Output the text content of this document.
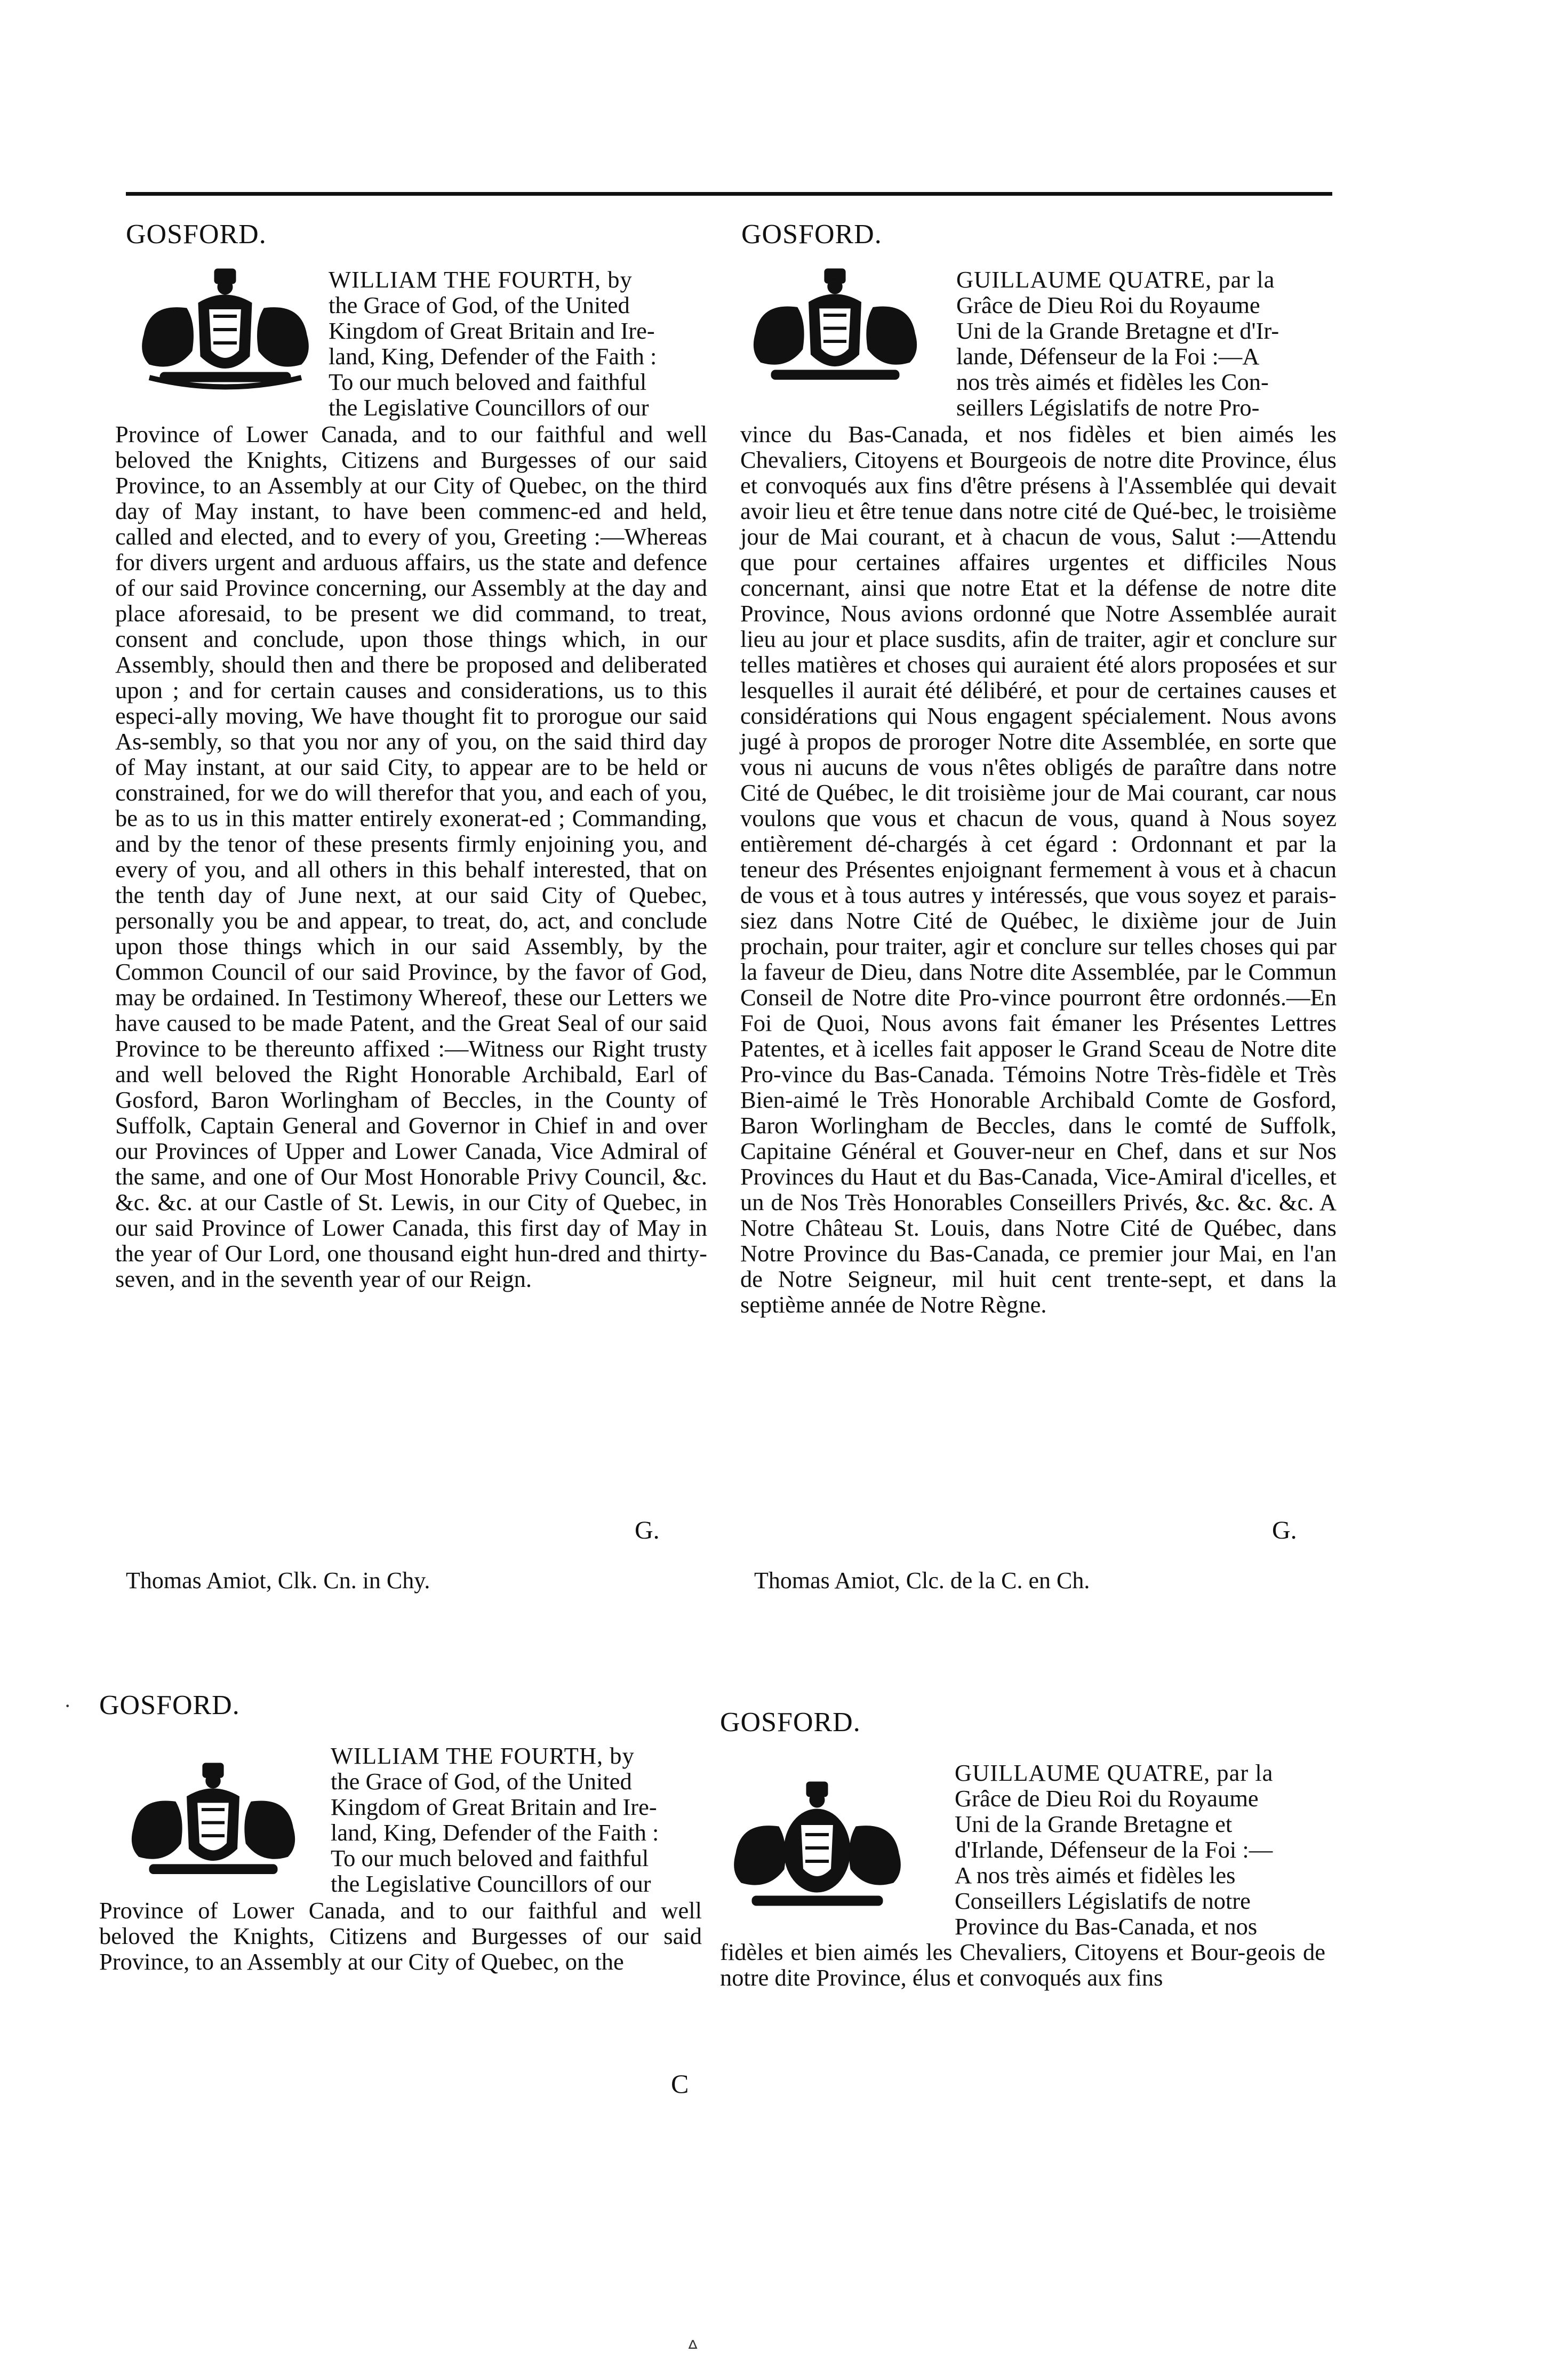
GOSFORD.
WILLIAM THE FOURTH, by
the Grace of God, of the United
Kingdom of Great Britain and Ire-
land, King, Defender of the Faith :
To our much beloved and faithful
the Legislative Councillors of our

Province of Lower Canada, and to our faithful and well beloved the Knights, Citizens and Burgesses of our said Province, to an Assembly at our City of Quebec, on the third day of May instant, to have been commenc-ed and held, called and elected, and to every of you, Greeting :—Whereas for divers urgent and arduous affairs, us the state and defence of our said Province concerning, our Assembly at the day and place aforesaid, to be present we did command, to treat, consent and conclude, upon those things which, in our Assembly, should then and there be proposed and deliberated upon ; and for certain causes and considerations, us to this especi-ally moving, We have thought fit to prorogue our said As-sembly, so that you nor any of you, on the said third day of May instant, at our said City, to appear are to be held or constrained, for we do will therefor that you, and each of you, be as to us in this matter entirely exonerat-ed ; Commanding, and by the tenor of these presents firmly enjoining you, and every of you, and all others in this behalf interested, that on the tenth day of June next, at our said City of Quebec, personally you be and appear, to treat, do, act, and conclude upon those things which in our said Assembly, by the Common Council of our said Province, by the favor of God, may be ordained. In Testimony Whereof, these our Letters we have caused to be made Patent, and the Great Seal of our said Province to be thereunto affixed :—Witness our Right trusty and well beloved the Right Honorable Archibald, Earl of Gosford, Baron Worlingham of Beccles, in the County of Suffolk, Captain General and Governor in Chief in and over our Provinces of Upper and Lower Canada, Vice Admiral of the same, and one of Our Most Honorable Privy Council, &c. &c. &c. at our Castle of St. Lewis, in our City of Quebec, in our said Province of Lower Canada, this first day of May in the year of Our Lord, one thousand eight hun-dred and thirty-seven, and in the seventh year of our Reign.

G.
Thomas Amiot, Clk. Cn. in Chy.
GOSFORD.
GUILLAUME QUATRE, par la
Grâce de Dieu Roi du Royaume
Uni de la Grande Bretagne et d'Ir-
lande, Défenseur de la Foi :—A
nos très aimés et fidèles les Con-
seillers Législatifs de notre Pro-

vince du Bas-Canada, et nos fidèles et bien aimés les Chevaliers, Citoyens et Bourgeois de notre dite Province, élus et convoqués aux fins d'être présens à l'Assemblée qui devait avoir lieu et être tenue dans notre cité de Qué-bec, le troisième jour de Mai courant, et à chacun de vous, Salut :—Attendu que pour certaines affaires urgentes et difficiles Nous concernant, ainsi que notre Etat et la défense de notre dite Province, Nous avions ordonné que Notre Assemblée aurait lieu au jour et place susdits, afin de traiter, agir et conclure sur telles matières et choses qui auraient été alors proposées et sur lesquelles il aurait été délibéré, et pour de certaines causes et considérations qui Nous engagent spécialement. Nous avons jugé à propos de proroger Notre dite Assemblée, en sorte que vous ni aucuns de vous n'êtes obligés de paraître dans notre Cité de Québec, le dit troisième jour de Mai courant, car nous voulons que vous et chacun de vous, quand à Nous soyez entièrement dé-chargés à cet égard : Ordonnant et par la teneur des Présentes enjoignant fermement à vous et à chacun de vous et à tous autres y intéressés, que vous soyez et parais-siez dans Notre Cité de Québec, le dixième jour de Juin prochain, pour traiter, agir et conclure sur telles choses qui par la faveur de Dieu, dans Notre dite Assemblée, par le Commun Conseil de Notre dite Pro-vince pourront être ordonnés.—En Foi de Quoi, Nous avons fait émaner les Présentes Lettres Patentes, et à icelles fait apposer le Grand Sceau de Notre dite Pro-vince du Bas-Canada. Témoins Notre Très-fidèle et Très Bien-aimé le Très Honorable Archibald Comte de Gosford, Baron Worlingham de Beccles, dans le comté de Suffolk, Capitaine Général et Gouver-neur en Chef, dans et sur Nos Provinces du Haut et du Bas-Canada, Vice-Amiral d'icelles, et un de Nos Très Honorables Conseillers Privés, &c. &c. &c. A Notre Château St. Louis, dans Notre Cité de Québec, dans Notre Province du Bas-Canada, ce premier jour Mai, en l'an de Notre Seigneur, mil huit cent trente-sept, et dans la septième année de Notre Règne.

G.
Thomas Amiot, Clc. de la C. en Ch.
· GOSFORD.
WILLIAM THE FOURTH, by
the Grace of God, of the United
Kingdom of Great Britain and Ire-
land, King, Defender of the Faith :
To our much beloved and faithful
the Legislative Councillors of our

Province of Lower Canada, and to our faithful and well beloved the Knights, Citizens and Burgesses of our said Province, to an Assembly at our City of Quebec, on the

GOSFORD.
GUILLAUME QUATRE, par la
Grâce de Dieu Roi du Royaume
Uni de la Grande Bretagne et
d'Irlande, Défenseur de la Foi :—
A nos très aimés et fidèles les
Conseillers Législatifs de notre
Province du Bas-Canada, et nos

fidèles et bien aimés les Chevaliers, Citoyens et Bour-geois de notre dite Province, élus et convoqués aux fins

C
ᐞ
